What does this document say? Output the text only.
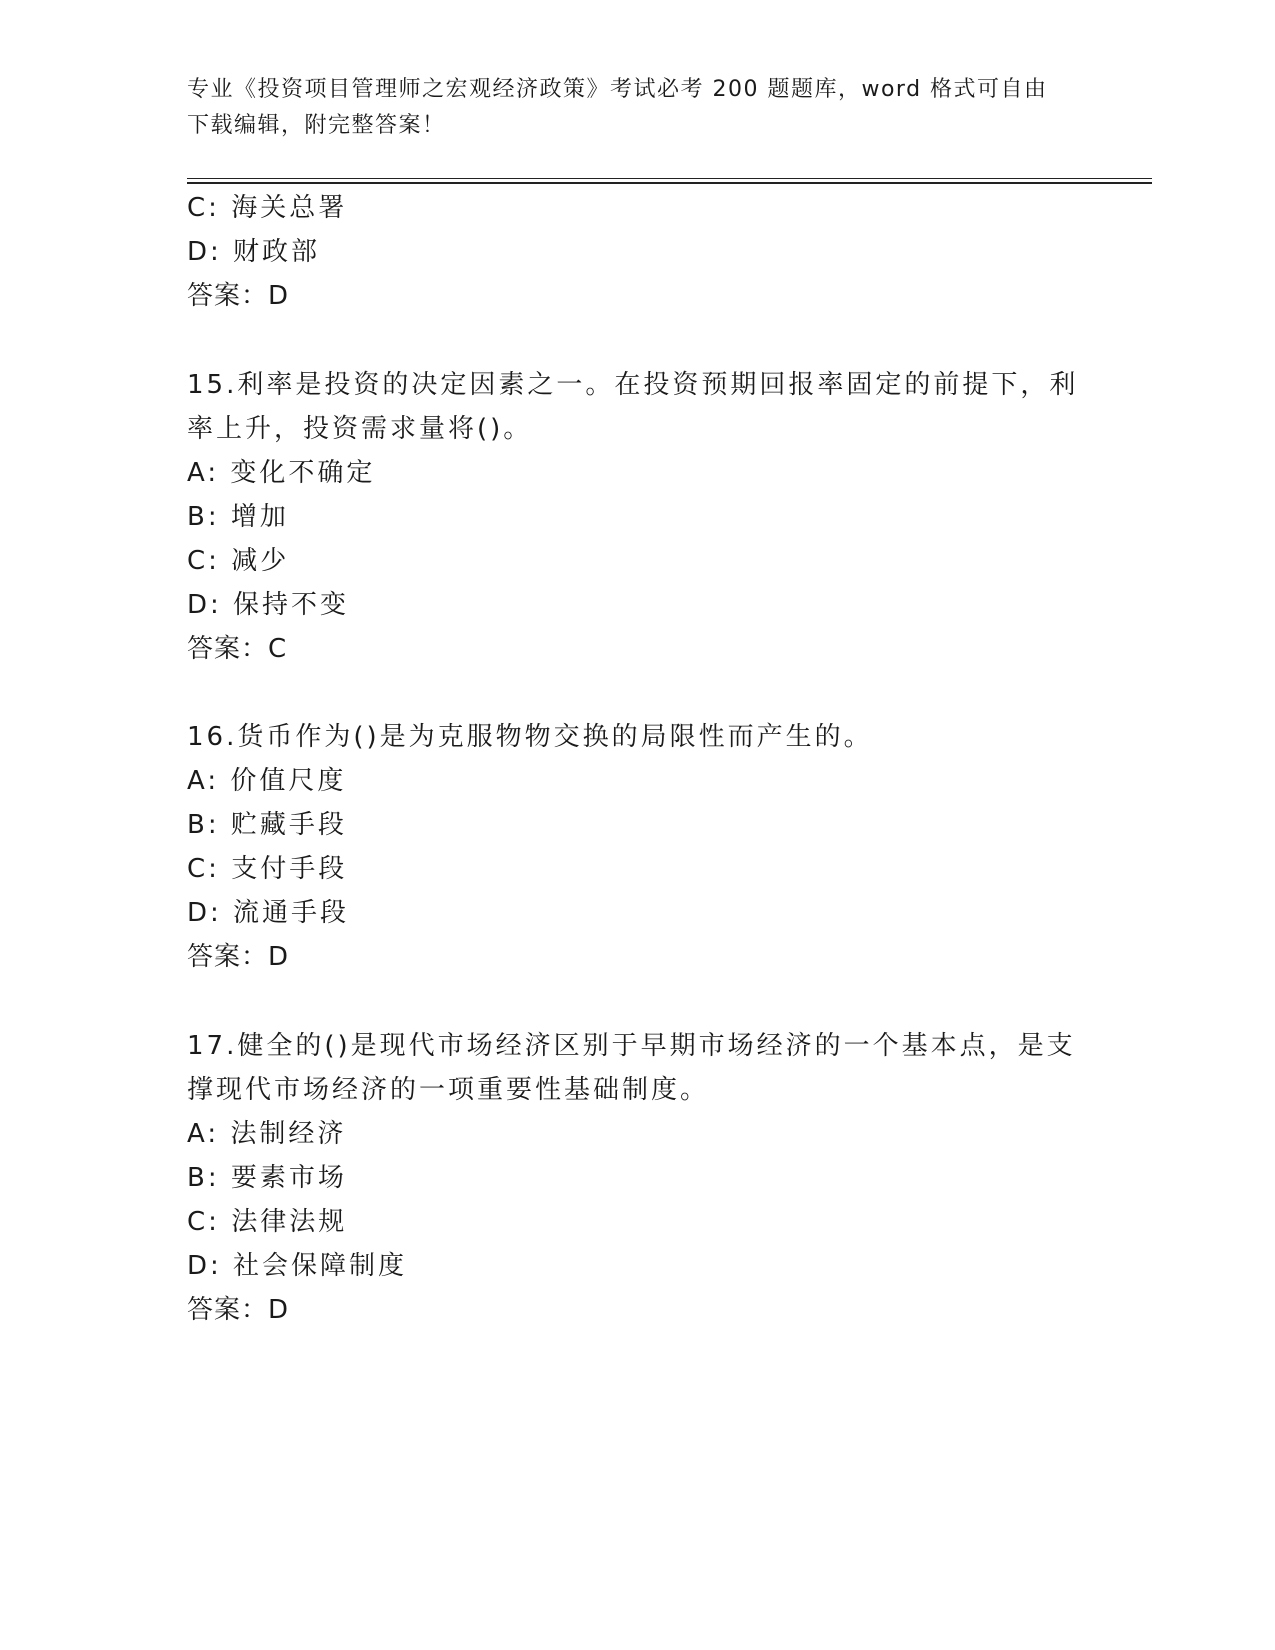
专业《投资项目管理师之宏观经济政策》考试必考 200 题题库，word 格式可自由
下载编辑，附完整答案！
C: 海关总署
D: 财政部
答案：D
15.利率是投资的决定因素之一。在投资预期回报率固定的前提下，利
率上升，投资需求量将()。
A: 变化不确定
B: 增加
C: 减少
D: 保持不变
答案：C
16.货币作为()是为克服物物交换的局限性而产生的。
A: 价值尺度
B: 贮藏手段
C: 支付手段
D: 流通手段
答案：D
17.健全的()是现代市场经济区别于早期市场经济的一个基本点，是支
撑现代市场经济的一项重要性基础制度。
A: 法制经济
B: 要素市场
C: 法律法规
D: 社会保障制度
答案：D
